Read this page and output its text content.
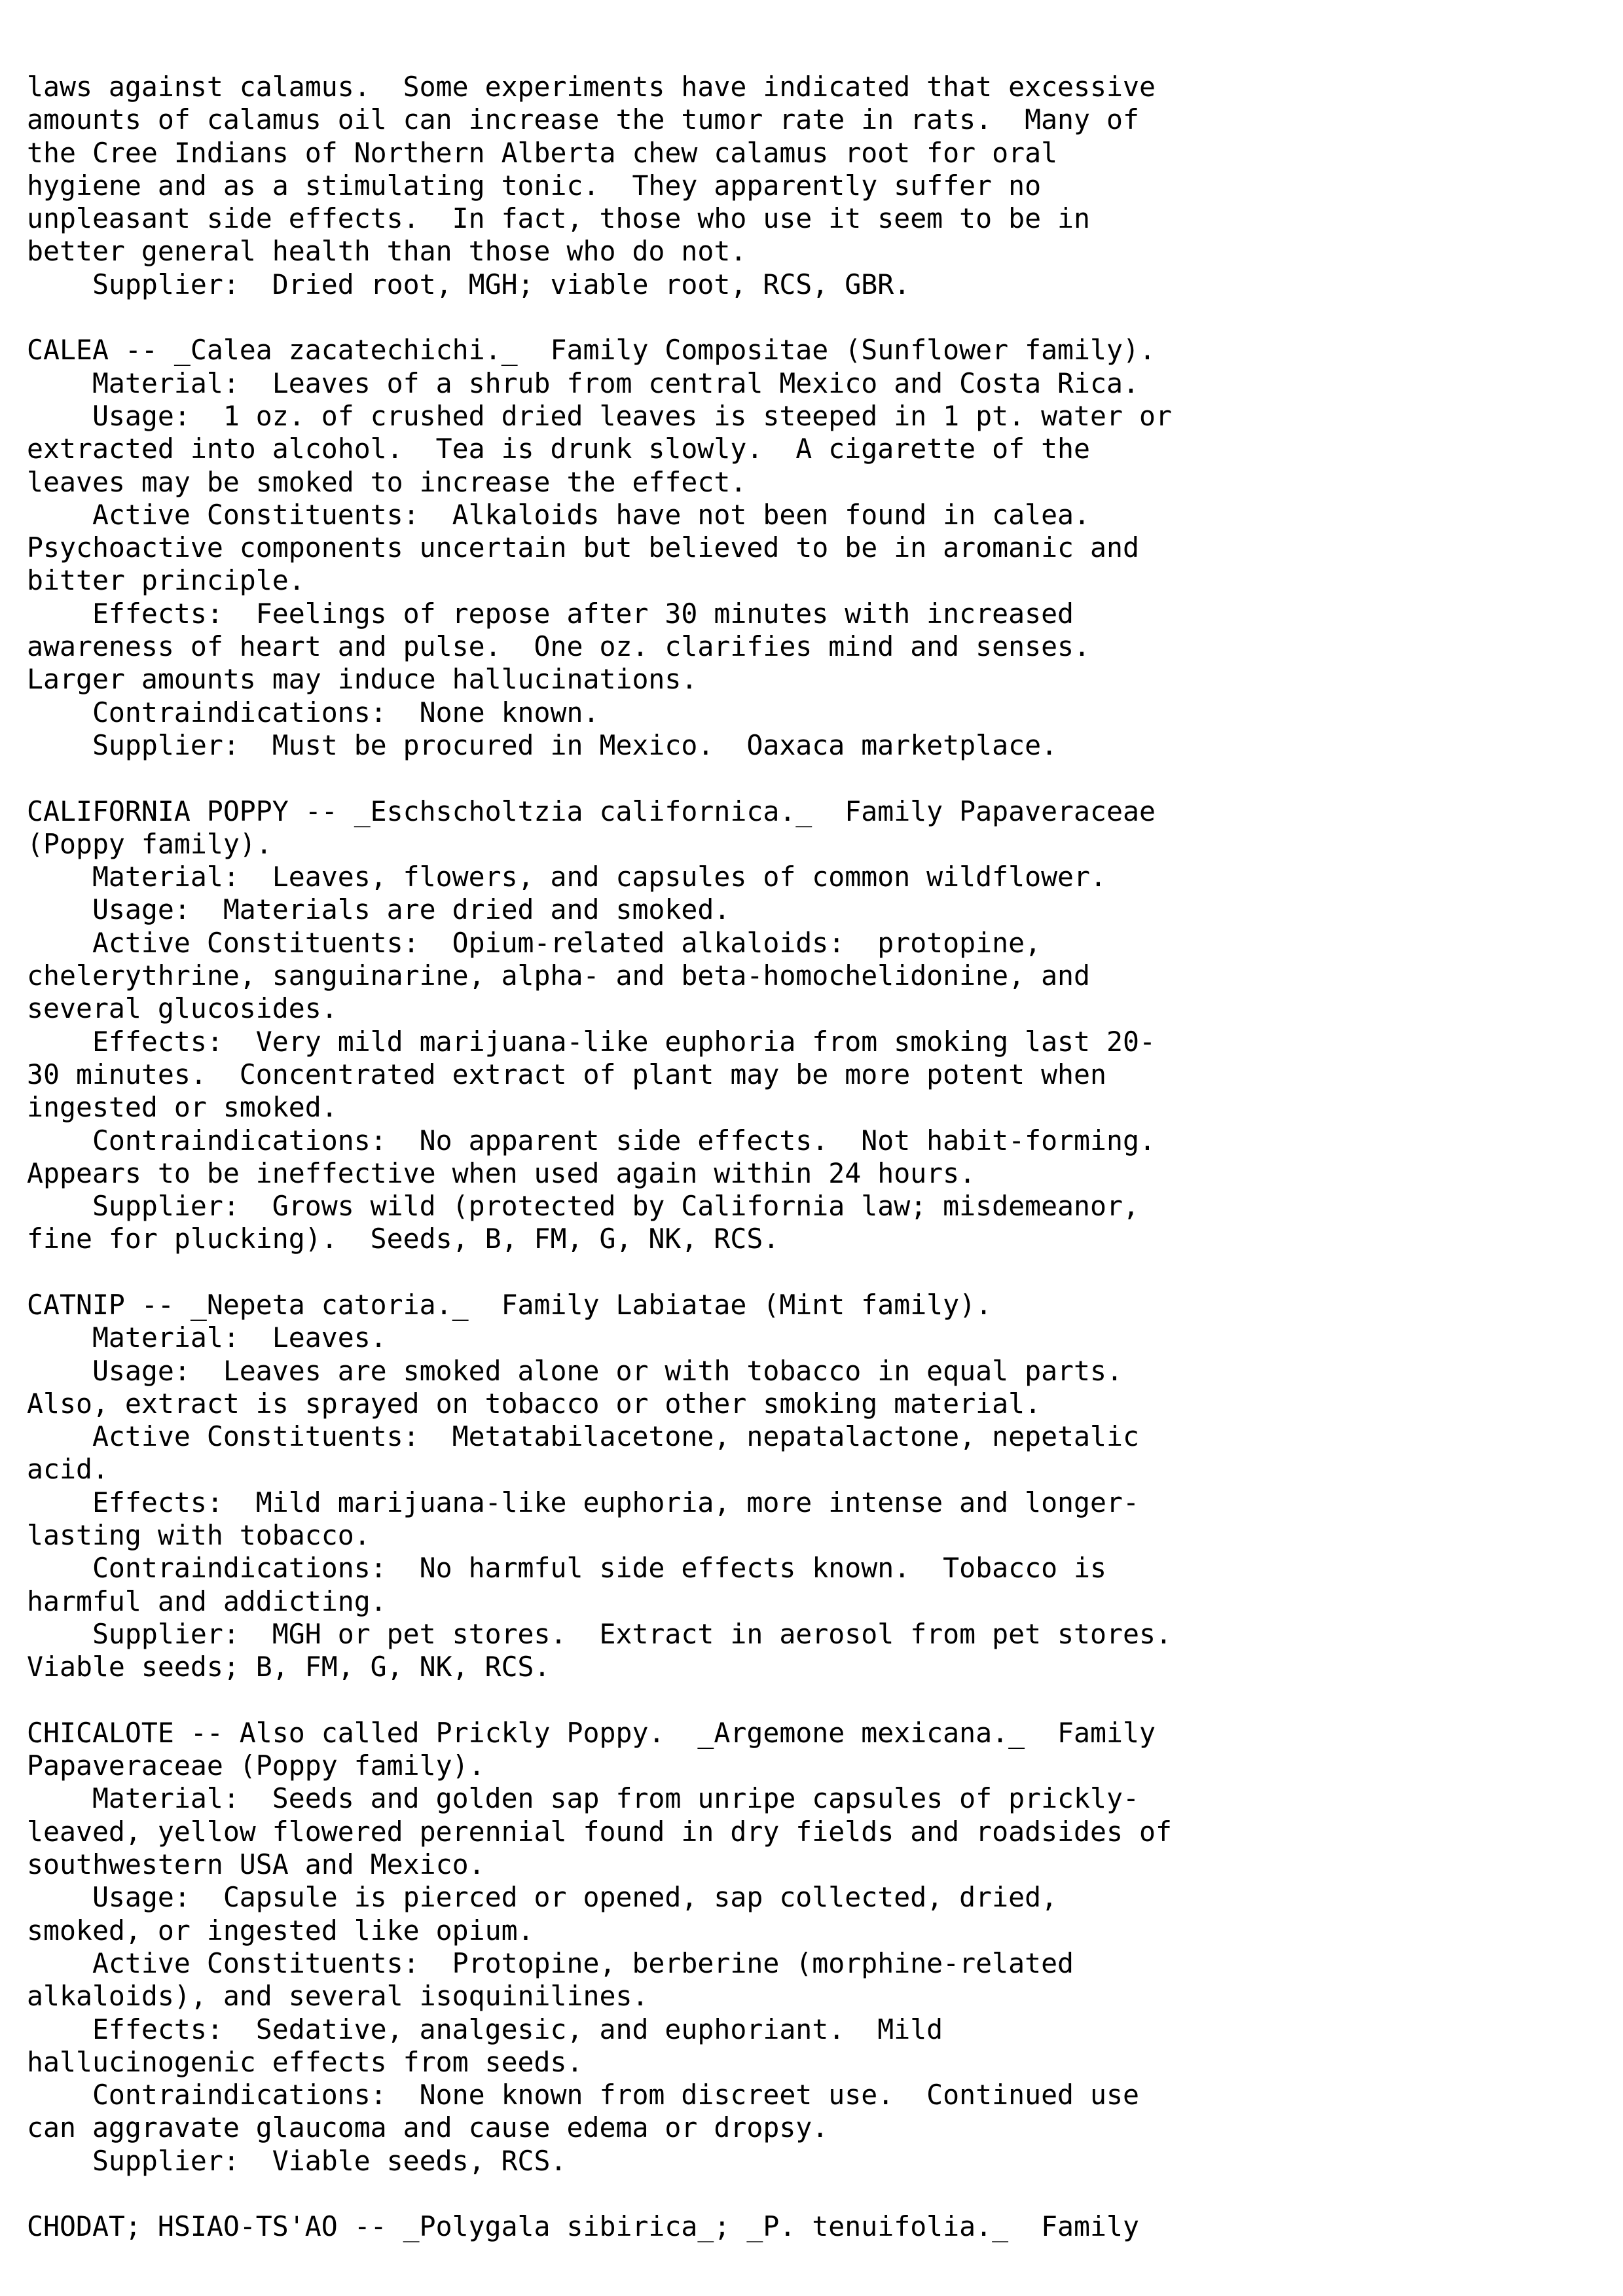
laws against calamus.  Some experiments have indicated that excessive
amounts of calamus oil can increase the tumor rate in rats.  Many of
the Cree Indians of Northern Alberta chew calamus root for oral
hygiene and as a stimulating tonic.  They apparently suffer no
unpleasant side effects.  In fact, those who use it seem to be in
better general health than those who do not.
Supplier:  Dried root, MGH; viable root, RCS, GBR.

CALEA -- _Calea zacatechichi._  Family Compositae (Sunflower family).
Material:  Leaves of a shrub from central Mexico and Costa Rica.
Usage:  1 oz. of crushed dried leaves is steeped in 1 pt. water or
extracted into alcohol.  Tea is drunk slowly.  A cigarette of the
leaves may be smoked to increase the effect.
Active Constituents:  Alkaloids have not been found in calea.
Psychoactive components uncertain but believed to be in aromanic and
bitter principle.
Effects:  Feelings of repose after 30 minutes with increased
awareness of heart and pulse.  One oz. clarifies mind and senses.
Larger amounts may induce hallucinations.
Contraindications:  None known.
Supplier:  Must be procured in Mexico.  Oaxaca marketplace.

CALIFORNIA POPPY -- _Eschscholtzia californica._  Family Papaveraceae
(Poppy family).
Material:  Leaves, flowers, and capsules of common wildflower.
Usage:  Materials are dried and smoked.
Active Constituents:  Opium-related alkaloids:  protopine,
chelerythrine, sanguinarine, alpha- and beta-homochelidonine, and
several glucosides.
Effects:  Very mild marijuana-like euphoria from smoking last 20-
30 minutes.  Concentrated extract of plant may be more potent when
ingested or smoked.
Contraindications:  No apparent side effects.  Not habit-forming.
Appears to be ineffective when used again within 24 hours.
Supplier:  Grows wild (protected by California law; misdemeanor,
fine for plucking).  Seeds, B, FM, G, NK, RCS.

CATNIP -- _Nepeta catoria._  Family Labiatae (Mint family).
Material:  Leaves.
Usage:  Leaves are smoked alone or with tobacco in equal parts.
Also, extract is sprayed on tobacco or other smoking material.
Active Constituents:  Metatabilacetone, nepatalactone, nepetalic
acid.
Effects:  Mild marijuana-like euphoria, more intense and longer-
lasting with tobacco.
Contraindications:  No harmful side effects known.  Tobacco is
harmful and addicting.
Supplier:  MGH or pet stores.  Extract in aerosol from pet stores.
Viable seeds; B, FM, G, NK, RCS.

CHICALOTE -- Also called Prickly Poppy.  _Argemone mexicana._  Family
Papaveraceae (Poppy family).
Material:  Seeds and golden sap from unripe capsules of prickly-
leaved, yellow flowered perennial found in dry fields and roadsides of
southwestern USA and Mexico.
Usage:  Capsule is pierced or opened, sap collected, dried,
smoked, or ingested like opium.
Active Constituents:  Protopine, berberine (morphine-related
alkaloids), and several isoquinilines.
Effects:  Sedative, analgesic, and euphoriant.  Mild
hallucinogenic effects from seeds.
Contraindications:  None known from discreet use.  Continued use
can aggravate glaucoma and cause edema or dropsy.
Supplier:  Viable seeds, RCS.

CHODAT; HSIAO-TS'AO -- _Polygala sibirica_; _P. tenuifolia._  Family
